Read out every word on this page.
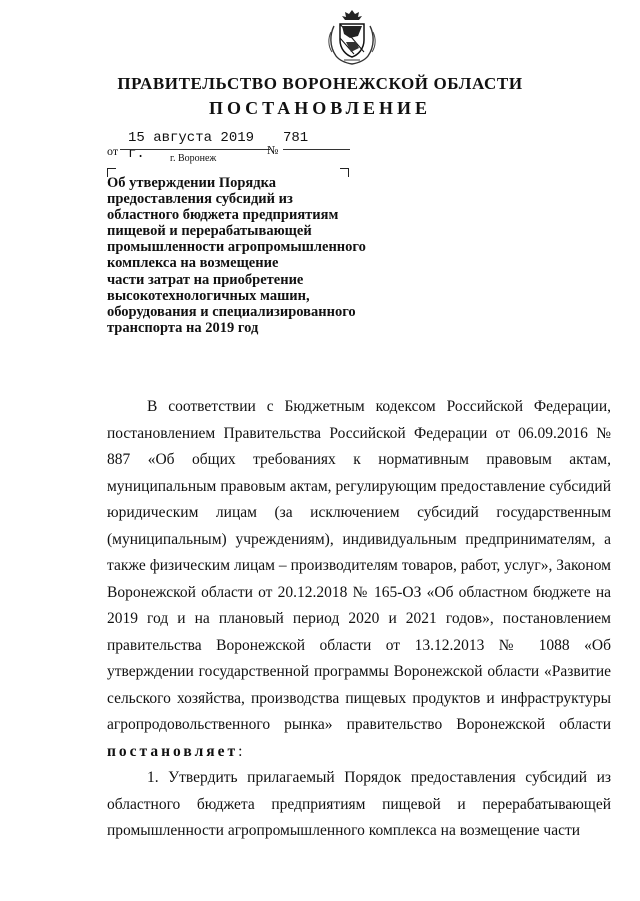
ПРАВИТЕЛЬСТВО ВОРОНЕЖСКОЙ ОБЛАСТИ
ПОСТАНОВЛЕНИЕ
от
15 августа 2019 г.	г. Воронеж
№
781
Об утверждении Порядка
предоставления субсидий из
областного бюджета предприятиям
пищевой и перерабатывающей
промышленности агропромышленного
комплекса на возмещение
части затрат на приобретение
высокотехнологичных машин,
оборудования и специализированного
транспорта на 2019 год

В соответствии с Бюджетным кодексом Российской Федерации, постановлением Правительства Российской Федерации от 06.09.2016 № 887 «Об общих требованиях к нормативным правовым актам, муниципальным правовым актам, регулирующим предоставление субсидий юридическим лицам (за исключением субсидий государственным (муниципальным) учреждениям), индивидуальным предпринимателям, а также физическим лицам – производителям товаров, работ, услуг», Законом Воронежской области от 20.12.2018 № 165-ОЗ «Об областном бюджете на 2019 год и на плановый период 2020 и 2021 годов», постановлением правительства Воронежской области от 13.12.2013 № 1088 «Об утверждении государственной программы Воронежской области «Развитие сельского хозяйства, производства пищевых продуктов и инфраструктуры агропродовольственного рынка» правительство Воронежской области постановляет:

1. Утвердить прилагаемый Порядок предоставления субсидий из областного бюджета предприятиям пищевой и перерабатывающей промышленности агропромышленного комплекса на возмещение части
